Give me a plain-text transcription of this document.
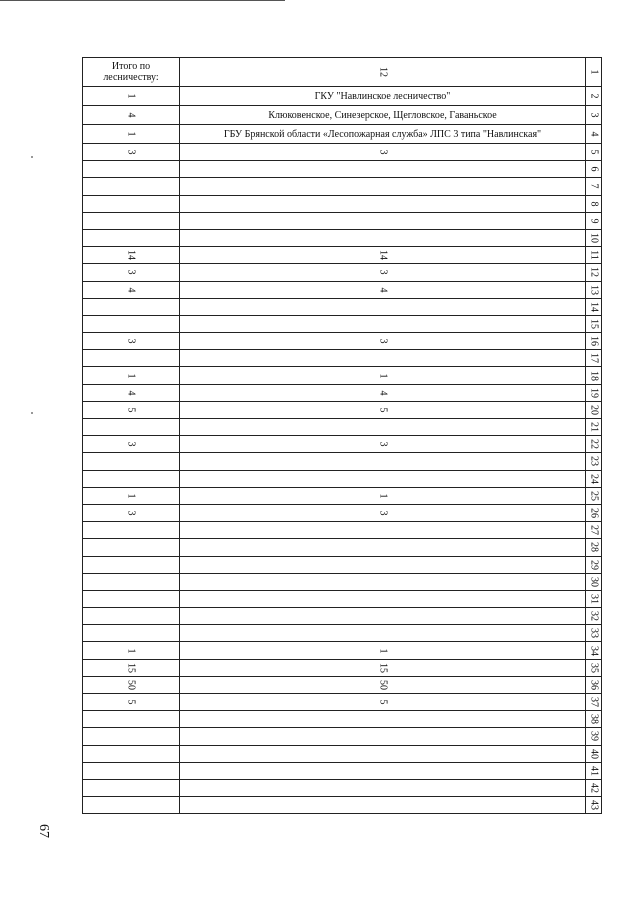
Итого по лесничеству:	12	1

1	ГКУ "Навлинское лесничество"	2

4	Клюковенское, Синезерское, Щегловское, Гаваньское	3

1	ГБУ Брянской области «Лесопожарная служба» ЛПС 3 типа "Навлинская"	4

3	3	5

		6

		7

		8

		9

		10

14	14	11

3	3	12

4	4	13

		14

		15

3	3	16

		17

1	1	18

4	4	19

5	5	20

		21

3	3	22

		23

		24

1	1	25

3	3	26

		27

		28

		29

		30

		31

		32

		33

1	1	34

15	15	35

50	50	36

5	5	37

		38

		39

		40

		41

		42

		43
67
